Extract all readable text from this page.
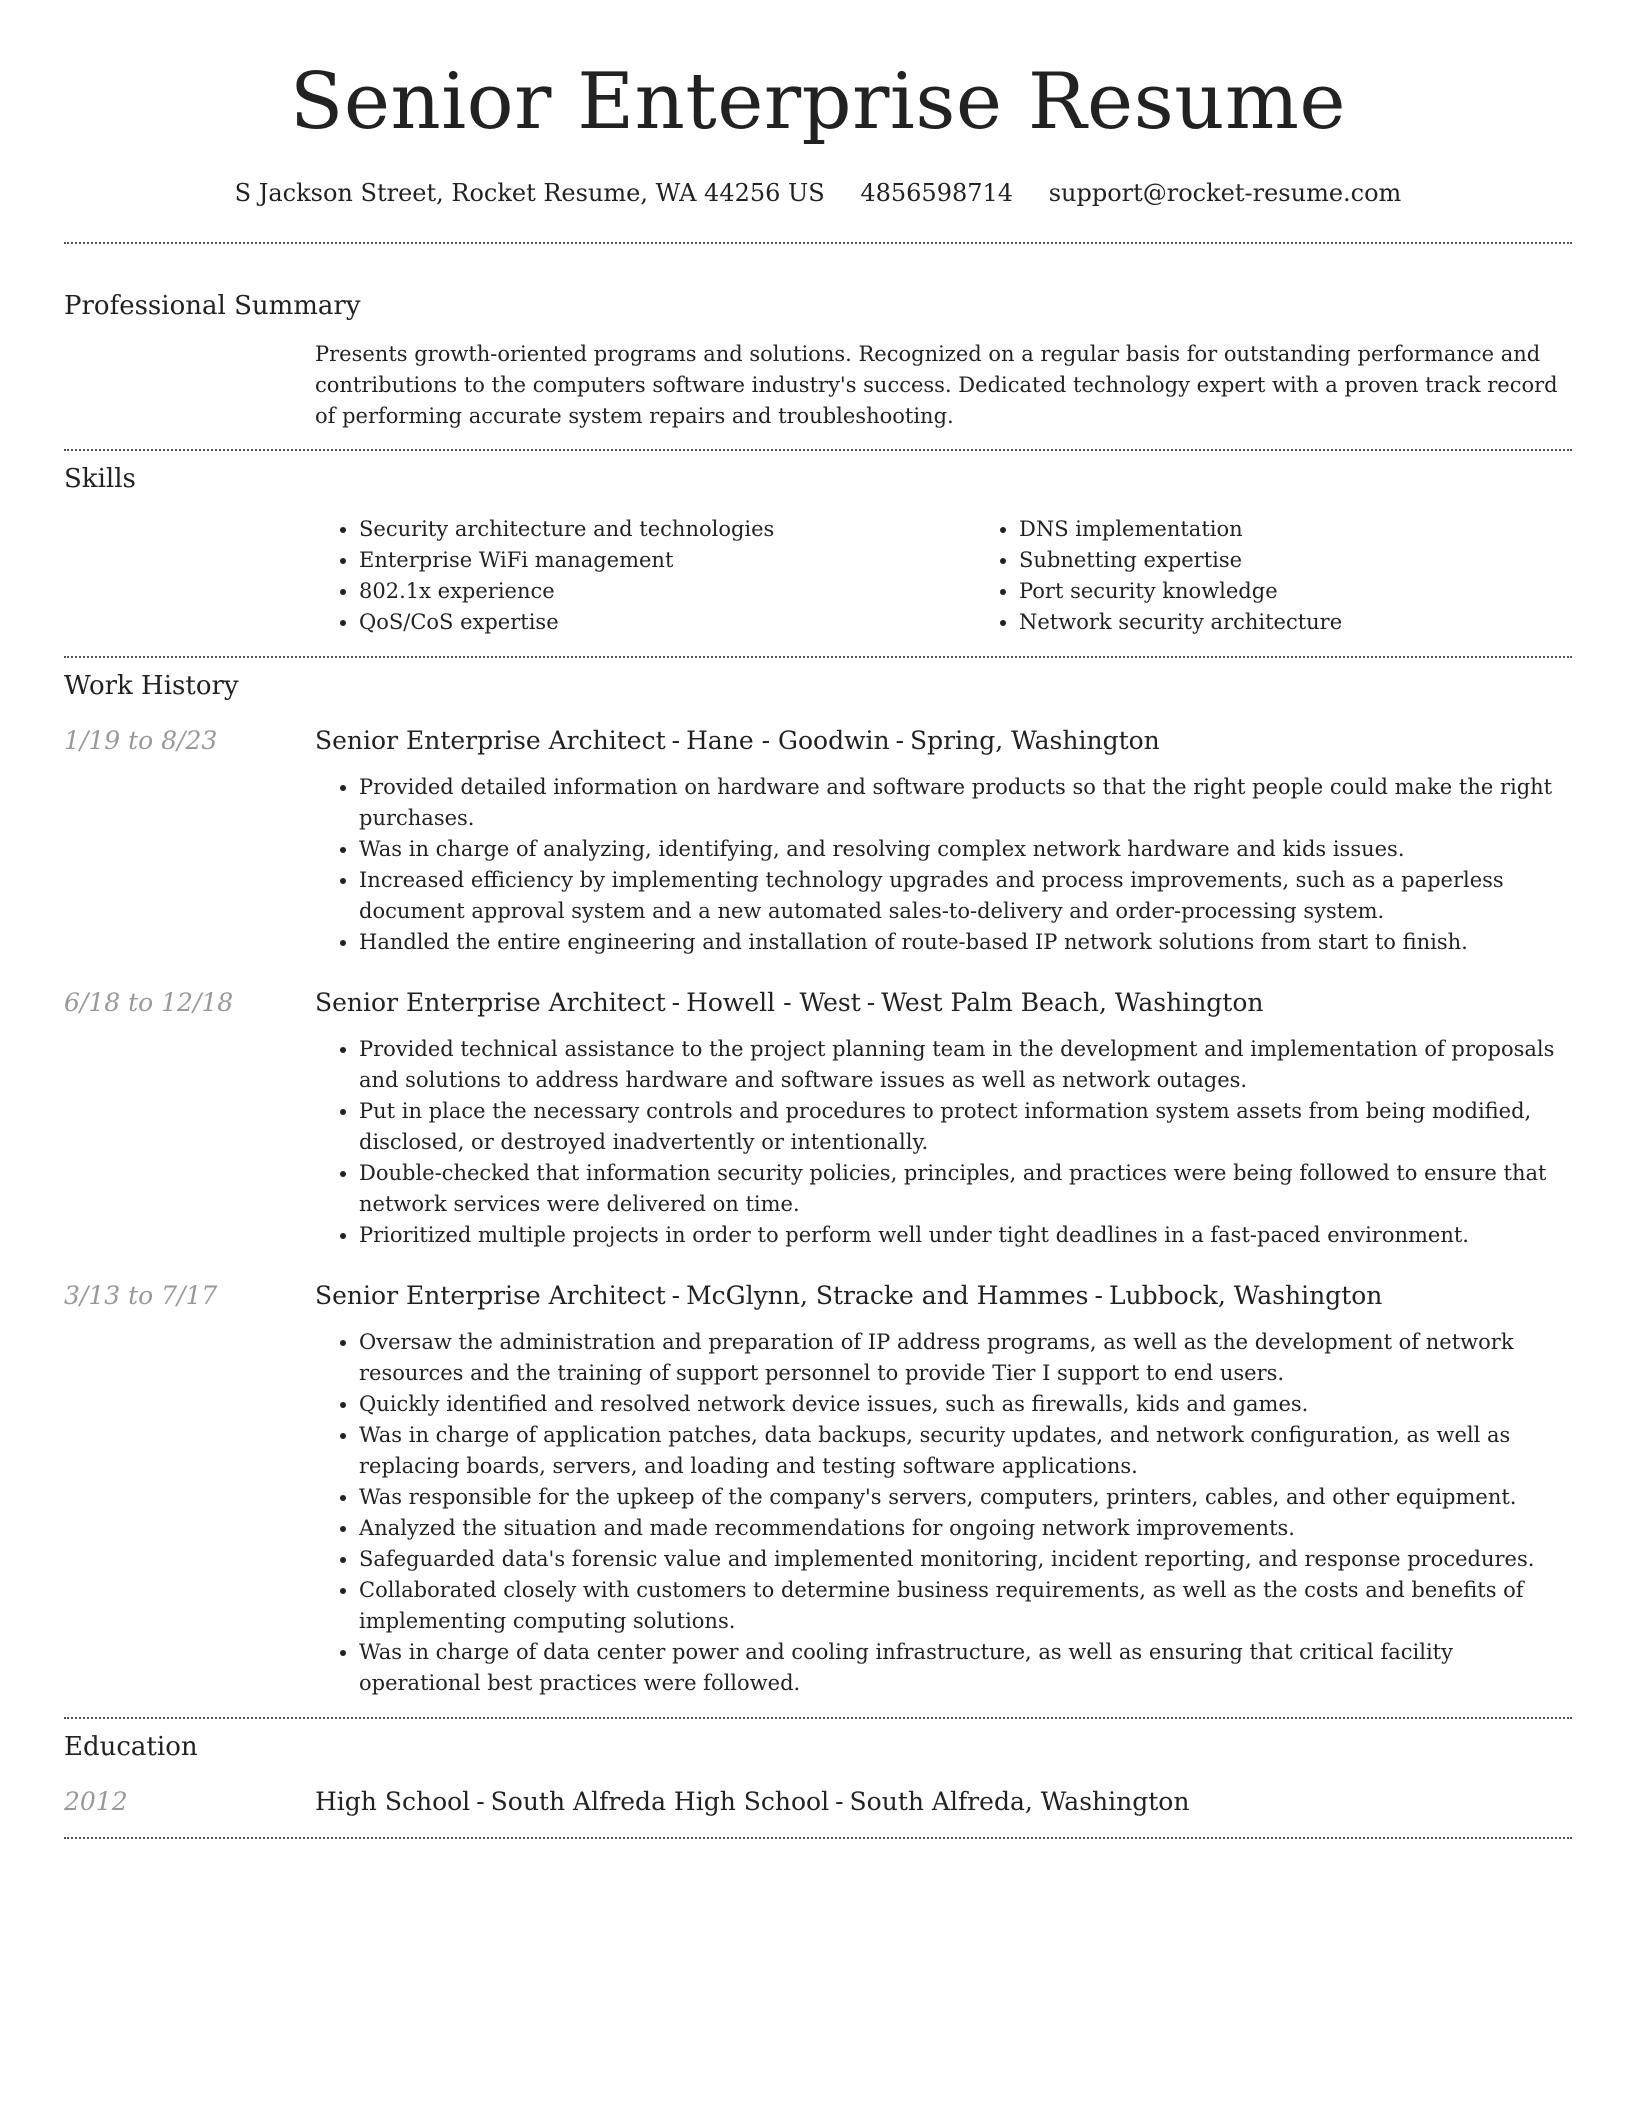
Senior Enterprise Resume
S Jackson Street, Rocket Resume, WA 44256 US 4856598714 support@rocket-resume.com
Professional Summary

Presents growth-oriented programs and solutions. Recognized on a regular basis for outstanding performance and contributions to the computers software industry's success. Dedicated technology expert with a proven track record of performing accurate system repairs and troubleshooting.

Skills
• Security architecture and technologies
• Enterprise WiFi management
• 802.1x experience
• QoS/CoS expertise
• DNS implementation
• Subnetting expertise
• Port security knowledge
• Network security architecture
Work History
1/19 to 8/23	Senior Enterprise Architect - Hane - Goodwin - Spring, Washington
• Provided detailed information on hardware and software products so that the right people could make the right purchases.
• Was in charge of analyzing, identifying, and resolving complex network hardware and kids issues.
• Increased efficiency by implementing technology upgrades and process improvements, such as a paperless document approval system and a new automated sales-to-delivery and order-processing system.
• Handled the entire engineering and installation of route-based IP network solutions from start to finish.
6/18 to 12/18	Senior Enterprise Architect - Howell - West - West Palm Beach, Washington
• Provided technical assistance to the project planning team in the development and implementation of proposals and solutions to address hardware and software issues as well as network outages.
• Put in place the necessary controls and procedures to protect information system assets from being modified, disclosed, or destroyed inadvertently or intentionally.
• Double-checked that information security policies, principles, and practices were being followed to ensure that network services were delivered on time.
• Prioritized multiple projects in order to perform well under tight deadlines in a fast-paced environment.
3/13 to 7/17	Senior Enterprise Architect - McGlynn, Stracke and Hammes - Lubbock, Washington
• Oversaw the administration and preparation of IP address programs, as well as the development of network resources and the training of support personnel to provide Tier I support to end users.
• Quickly identified and resolved network device issues, such as firewalls, kids and games.
• Was in charge of application patches, data backups, security updates, and network configuration, as well as replacing boards, servers, and loading and testing software applications.
• Was responsible for the upkeep of the company's servers, computers, printers, cables, and other equipment.
• Analyzed the situation and made recommendations for ongoing network improvements.
• Safeguarded data's forensic value and implemented monitoring, incident reporting, and response procedures.
• Collaborated closely with customers to determine business requirements, as well as the costs and benefits of implementing computing solutions.
• Was in charge of data center power and cooling infrastructure, as well as ensuring that critical facility operational best practices were followed.
Education
2012	High School - South Alfreda High School - South Alfreda, Washington
